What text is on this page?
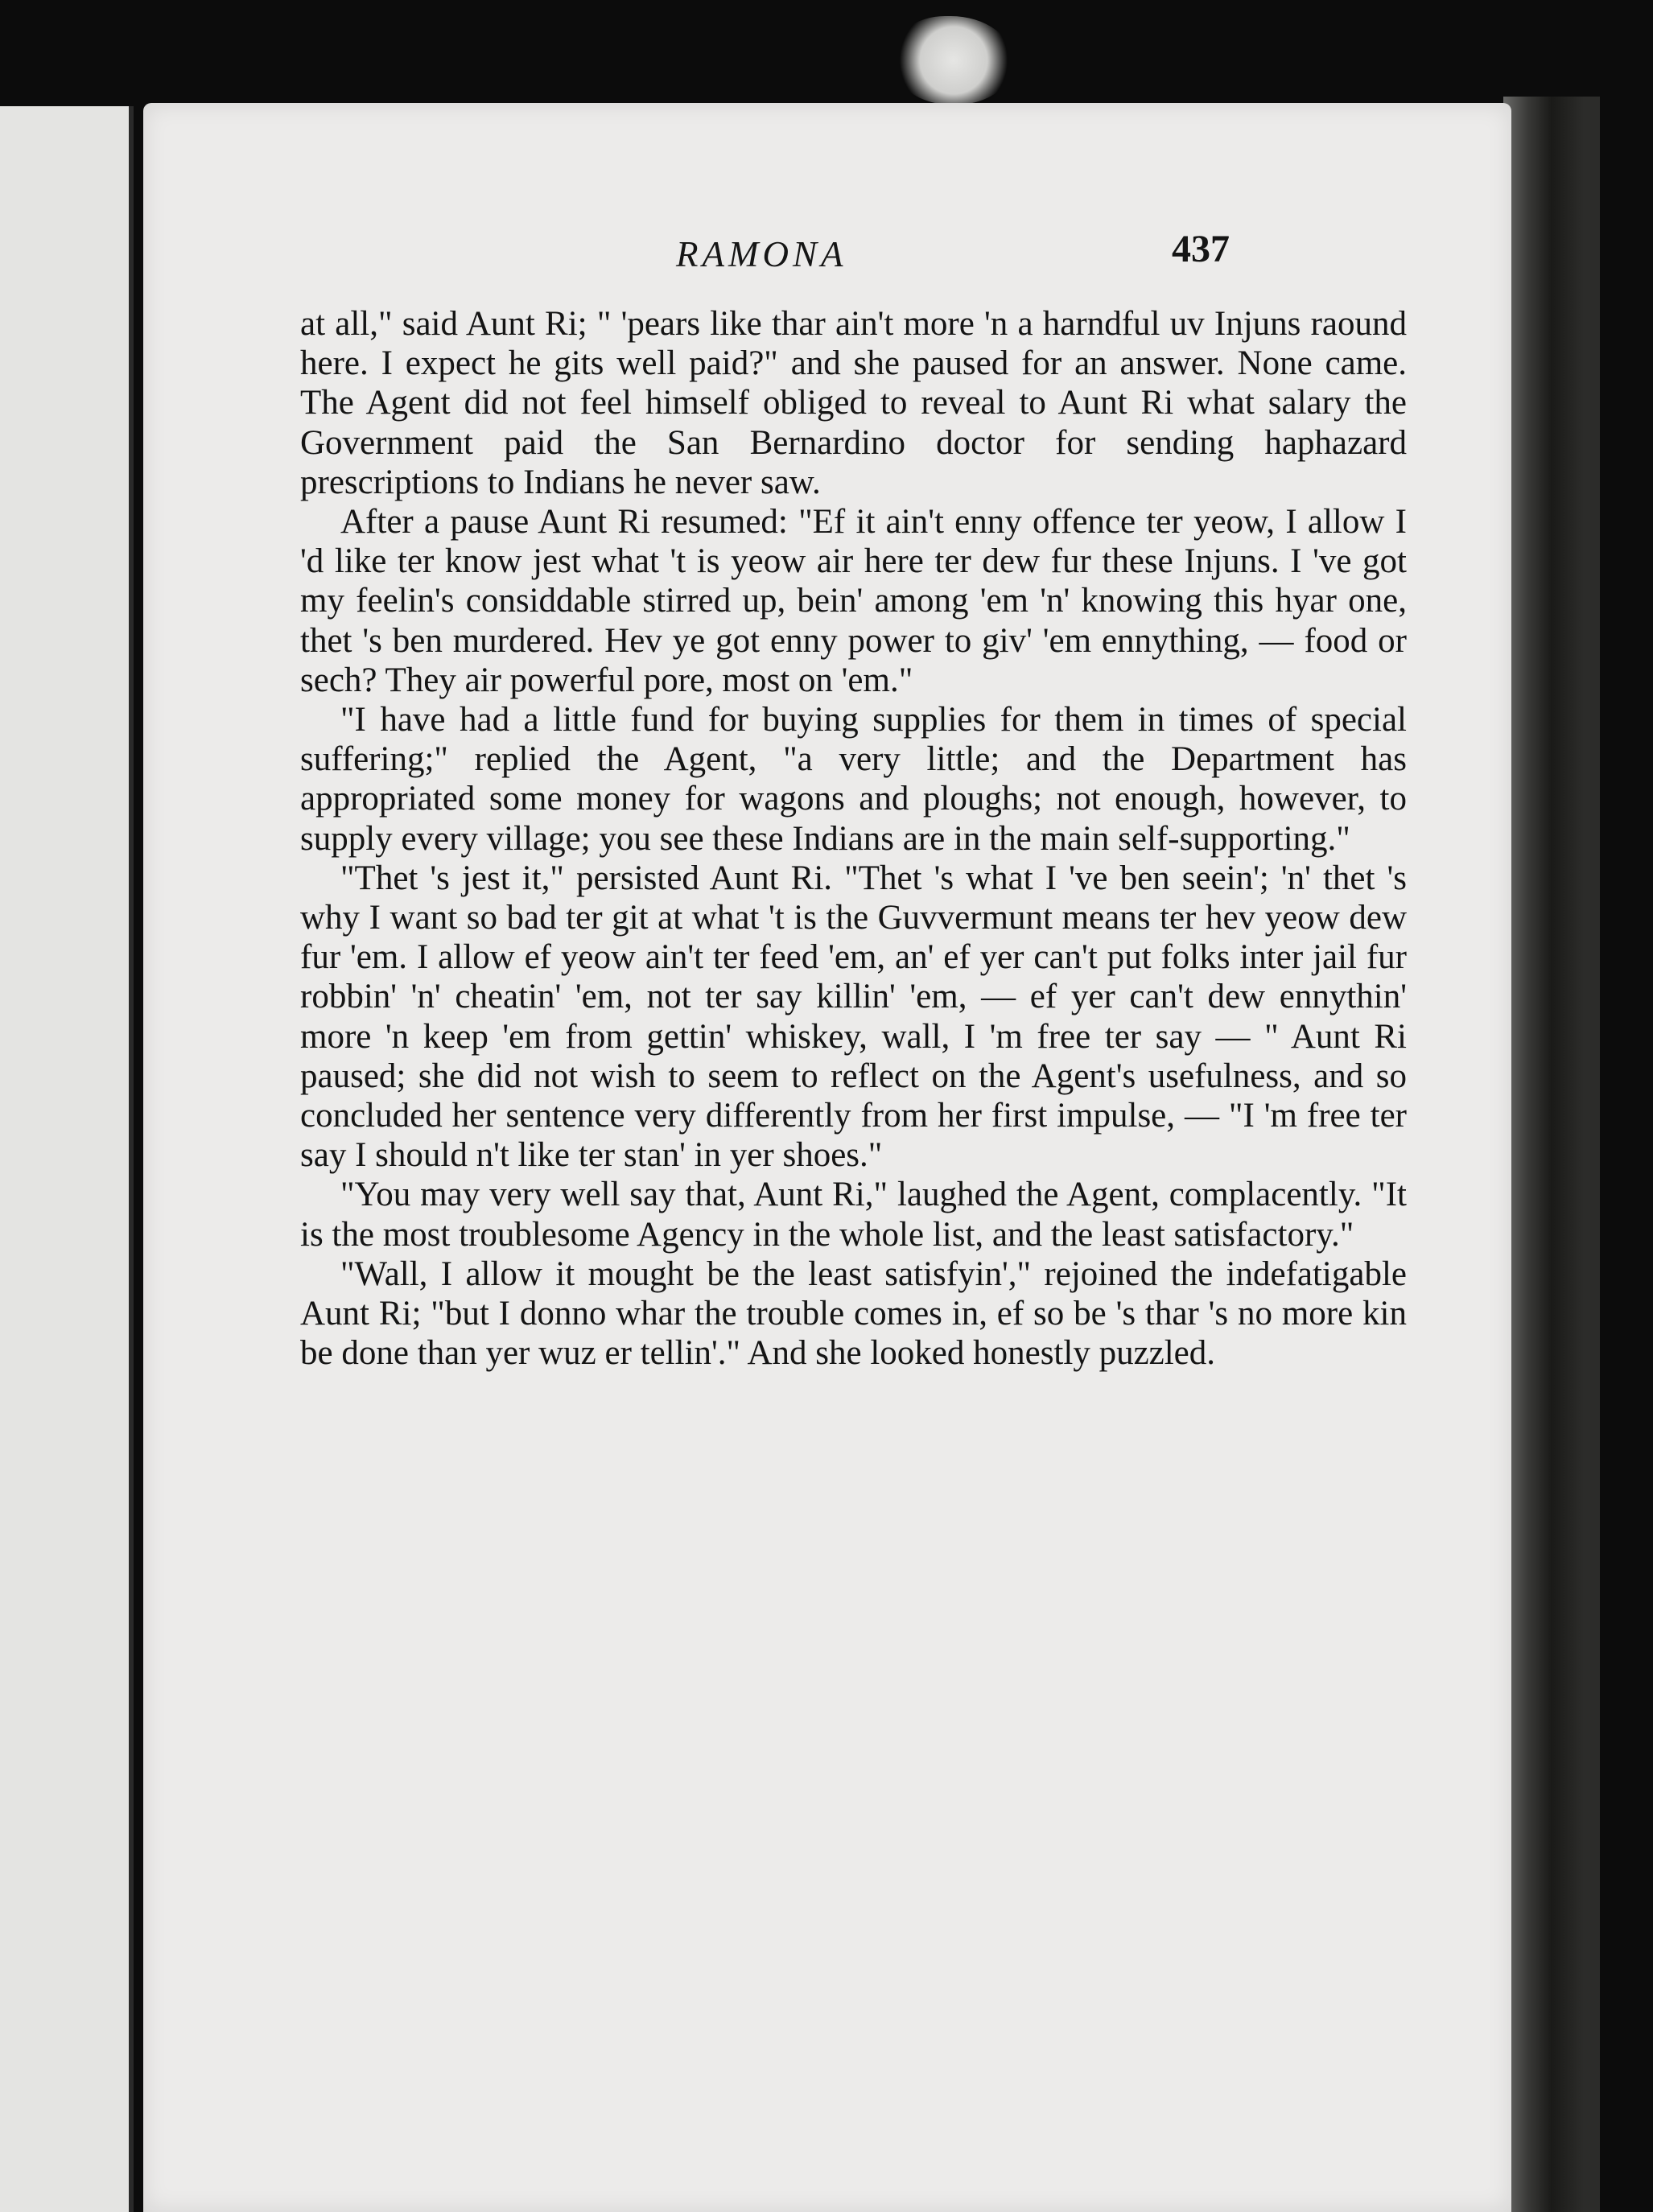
RAMONA	437

at all," said Aunt Ri; " 'pears like thar ain't more 'n a harndful uv Injuns raound here. I expect he gits well paid?" and she paused for an answer. None came. The Agent did not feel himself obliged to reveal to Aunt Ri what salary the Government paid the San Bernardino doctor for sending haphazard prescriptions to Indians he never saw.

After a pause Aunt Ri resumed: "Ef it ain't enny offence ter yeow, I allow I 'd like ter know jest what 't is yeow air here ter dew fur these Injuns. I 've got my feelin's considdable stirred up, bein' among 'em 'n' knowing this hyar one, thet 's ben murdered. Hev ye got enny power to giv' 'em ennything, — food or sech? They air powerful pore, most on 'em."

"I have had a little fund for buying supplies for them in times of special suffering;" replied the Agent, "a very little; and the Department has appropriated some money for wagons and ploughs; not enough, however, to supply every village; you see these Indians are in the main self-supporting."

"Thet 's jest it," persisted Aunt Ri. "Thet 's what I 've ben seein'; 'n' thet 's why I want so bad ter git at what 't is the Guvvermunt means ter hev yeow dew fur 'em. I allow ef yeow ain't ter feed 'em, an' ef yer can't put folks inter jail fur robbin' 'n' cheatin' 'em, not ter say killin' 'em, — ef yer can't dew ennythin' more 'n keep 'em from gettin' whiskey, wall, I 'm free ter say — " Aunt Ri paused; she did not wish to seem to reflect on the Agent's usefulness, and so concluded her sentence very differently from her first impulse, — "I 'm free ter say I should n't like ter stan' in yer shoes."

"You may very well say that, Aunt Ri," laughed the Agent, complacently. "It is the most troublesome Agency in the whole list, and the least satisfactory."

"Wall, I allow it mought be the least satisfyin'," rejoined the indefatigable Aunt Ri; "but I donno whar the trouble comes in, ef so be 's thar 's no more kin be done than yer wuz er tellin'." And she looked honestly puzzled.
